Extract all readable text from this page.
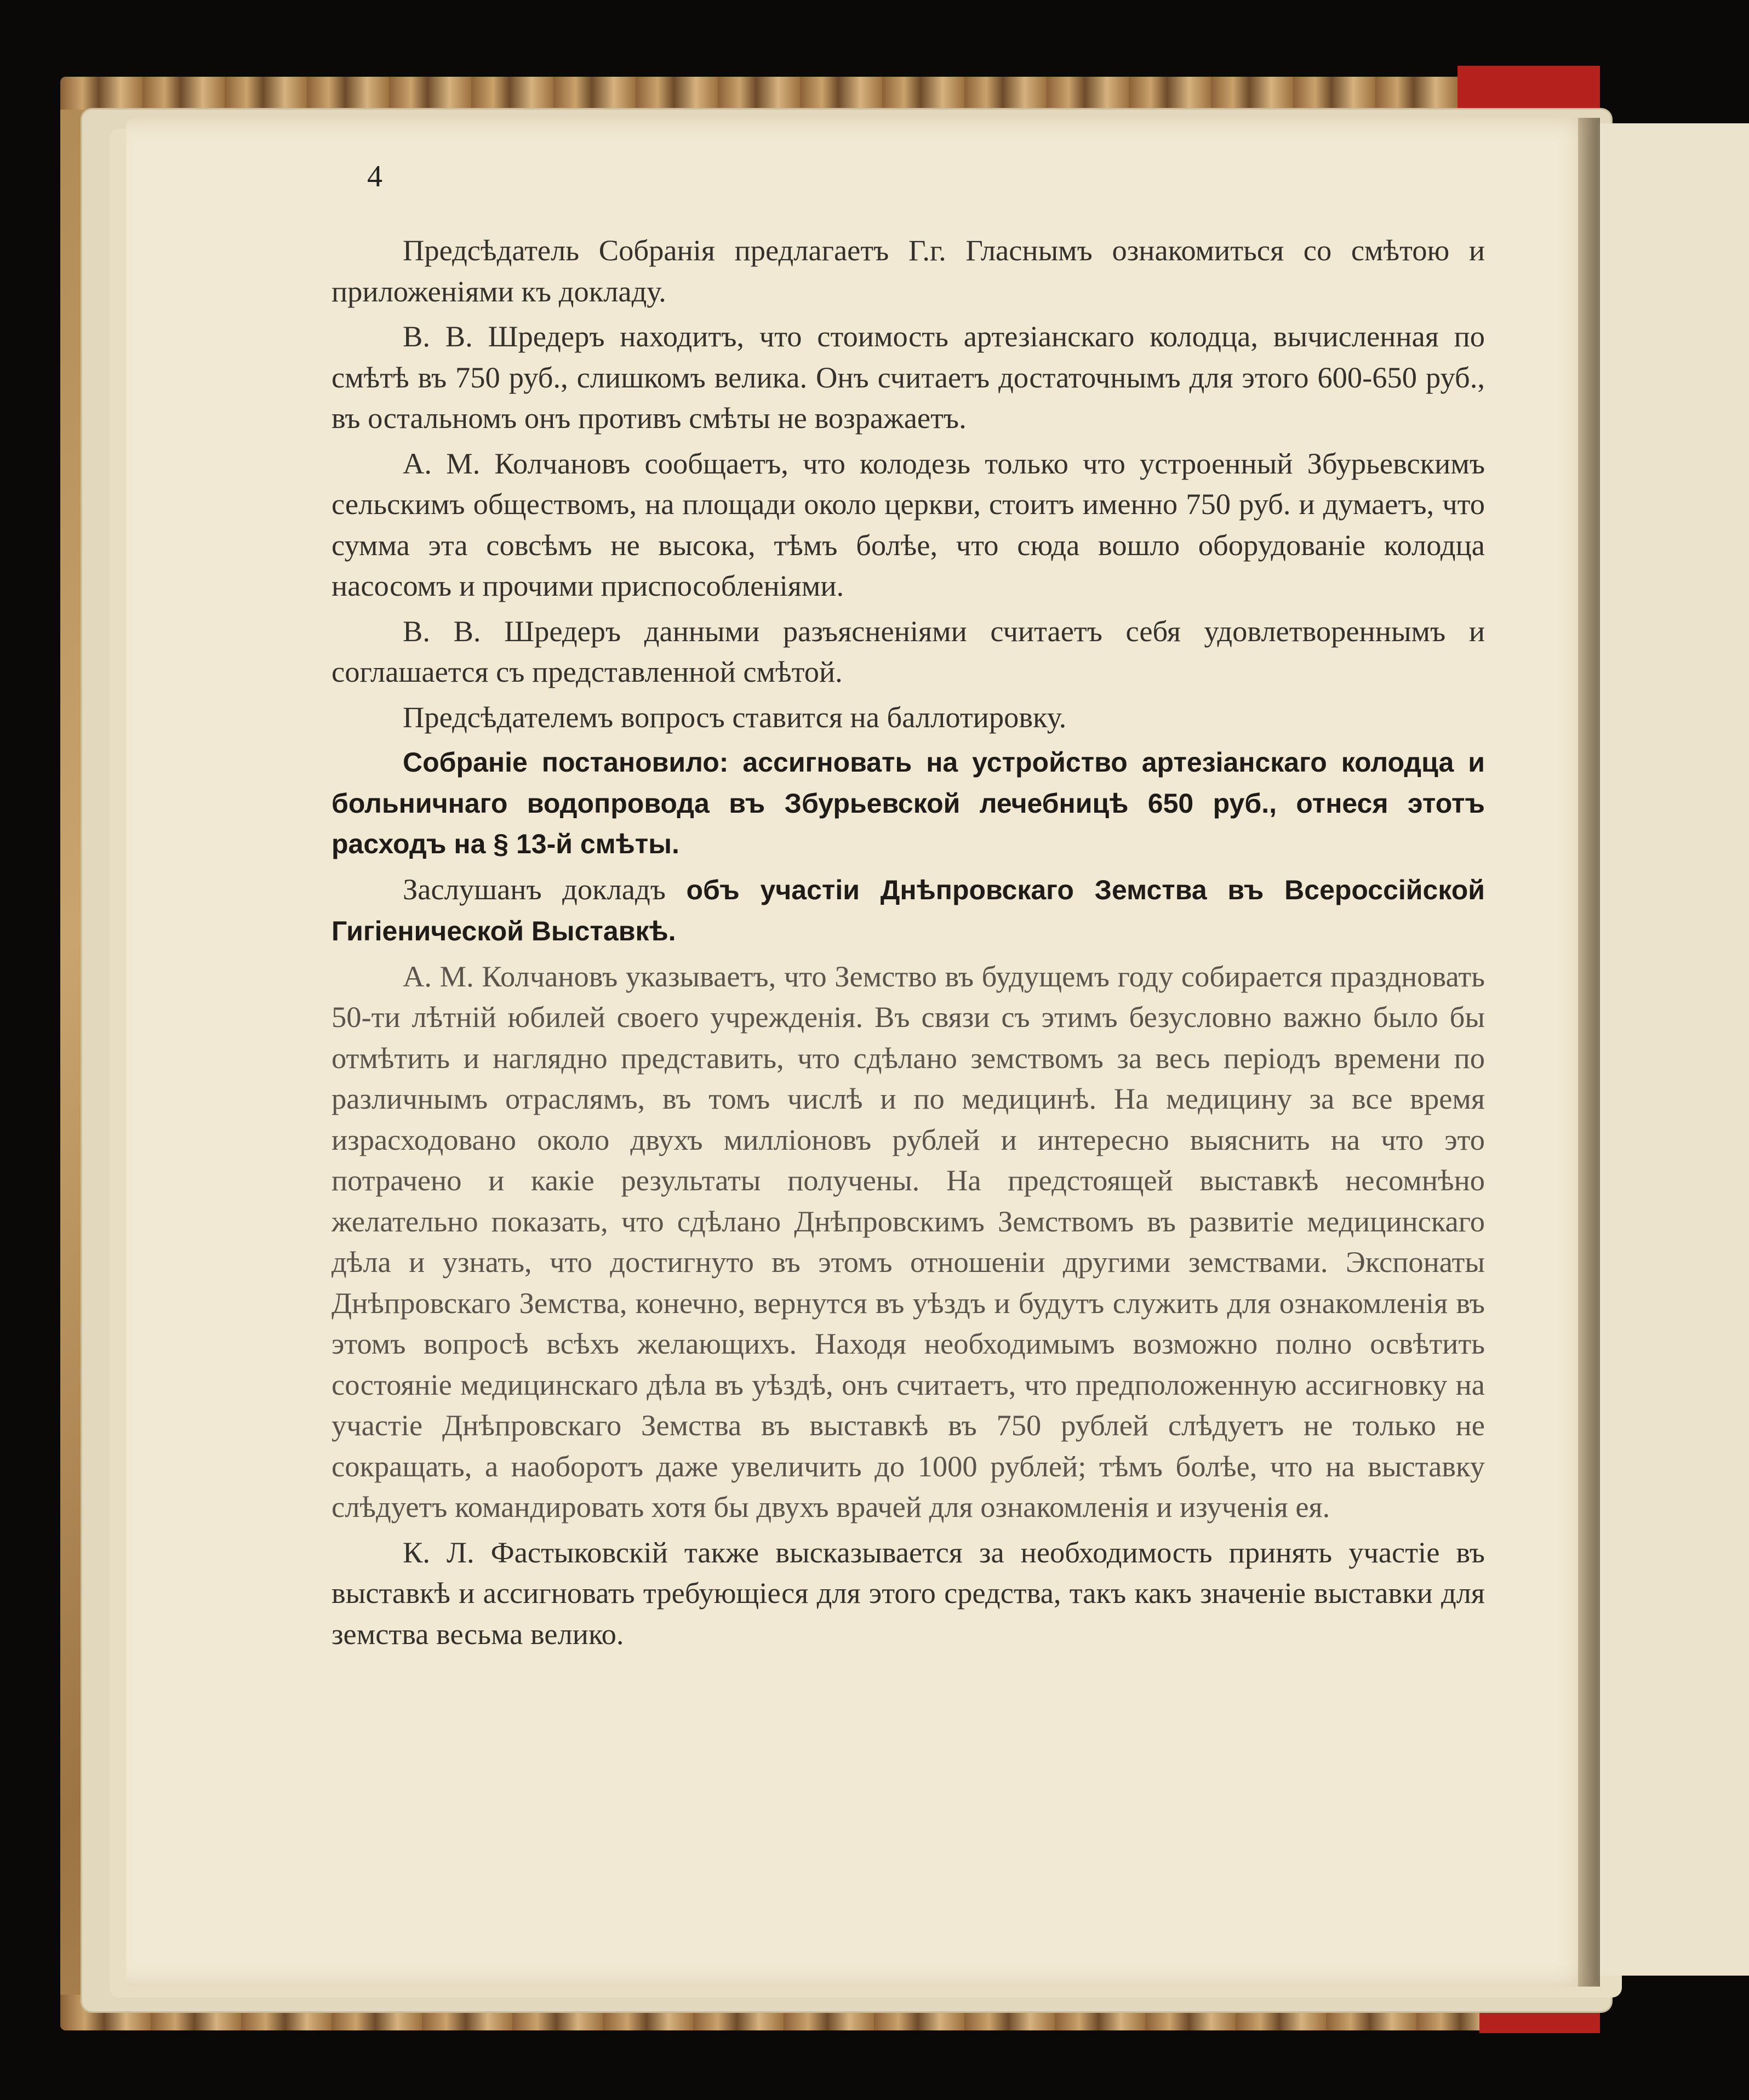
4

Предсѣдатель Собранія предлагаетъ Г.г. Гласнымъ ознакомиться со смѣтою и приложеніями къ докладу.

В. В. Шредеръ находитъ, что стоимость артезіанскаго колодца, вычисленная по смѣтѣ въ 750 руб., слишкомъ велика. Онъ считаетъ достаточнымъ для этого 600-650 руб., въ остальномъ онъ противъ смѣты не возражаетъ.

А. М. Колчановъ сообщаетъ, что колодезь только что устроенный Збурьевскимъ сельскимъ обществомъ, на площади около церкви, стоитъ именно 750 руб. и думаетъ, что сумма эта совсѣмъ не высока, тѣмъ болѣе, что сюда вошло оборудованіе колодца насосомъ и прочими приспособленіями.

В. В. Шредеръ данными разъясненіями считаетъ себя удовлетвореннымъ и соглашается съ представленной смѣтой.

Предсѣдателемъ вопросъ ставится на баллотировку.

Собраніе постановило: ассигновать на устройство артезіанскаго колодца и больничнаго водопровода въ Збурьевской лечебницѣ 650 руб., отнеся этотъ расходъ на § 13-й смѣты.

Заслушанъ докладъ объ участіи Днѣпровскаго Земства въ Всероссійской Гигіенической Выставкѣ.

А. М. Колчановъ указываетъ, что Земство въ будущемъ году собирается праздновать 50-ти лѣтній юбилей своего учрежденія. Въ связи съ этимъ безусловно важно было бы отмѣтить и наглядно представить, что сдѣлано земствомъ за весь періодъ времени по различнымъ отраслямъ, въ томъ числѣ и по медицинѣ. На медицину за все время израсходовано около двухъ милліоновъ рублей и интересно выяснить на что это потрачено и какіе результаты получены. На предстоящей выставкѣ несомнѣно желательно показать, что сдѣлано Днѣпровскимъ Земствомъ въ развитіе медицинскаго дѣла и узнать, что достигнуто въ этомъ отношеніи другими земствами. Экспонаты Днѣпровскаго Земства, конечно, вернутся въ уѣздъ и будутъ служить для ознакомленія въ этомъ вопросѣ всѣхъ желающихъ. Находя необходимымъ возможно полно освѣтить состояніе медицинскаго дѣла въ уѣздѣ, онъ считаетъ, что предположенную ассигновку на участіе Днѣпровскаго Земства въ выставкѣ въ 750 рублей слѣдуетъ не только не сокращать, а наоборотъ даже увеличить до 1000 рублей; тѣмъ болѣе, что на выставку слѣдуетъ командировать хотя бы двухъ врачей для ознакомленія и изученія ея.

К. Л. Фастыковскій также высказывается за необходимость принять участіе въ выставкѣ и ассигновать требующіеся для этого средства, такъ какъ значеніе выставки для земства весьма велико.
